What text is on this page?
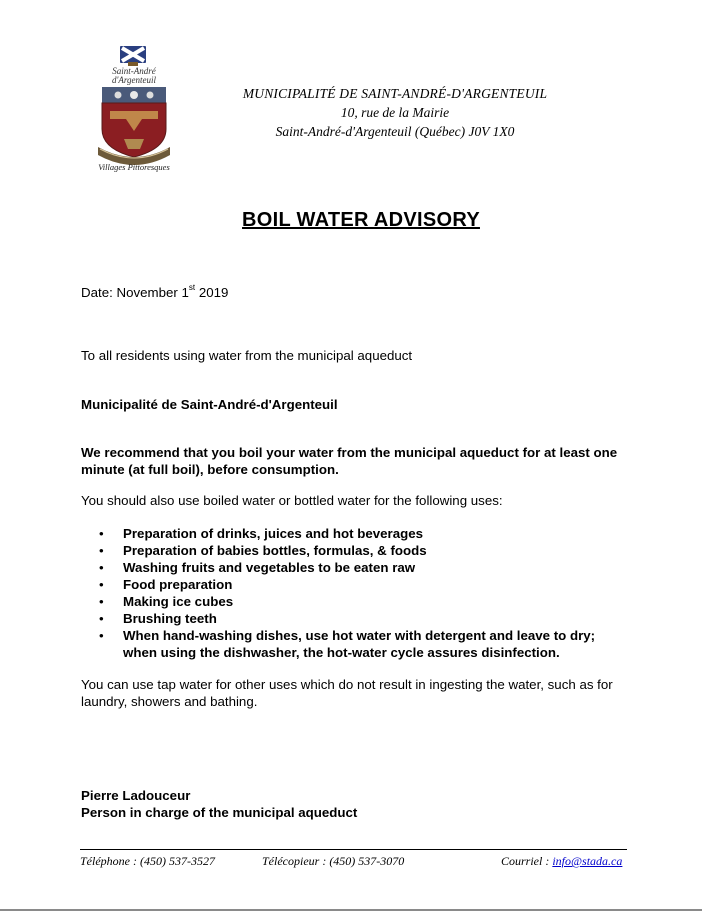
Saint-André
d'Argenteuil
Villages Pittoresques
MUNICIPALITÉ DE SAINT-ANDRÉ-D'ARGENTEUIL
10, rue de la Mairie
Saint-André-d'Argenteuil (Québec) J0V 1X0
BOIL WATER ADVISORY
Date: November 1st 2019
To all residents using water from the municipal aqueduct
Municipalité de Saint-André-d'Argenteuil
We recommend that you boil your water from the municipal aqueduct for at least one minute (at full boil), before consumption.
You should also use boiled water or bottled water for the following uses:
• Preparation of drinks, juices and hot beverages
• Preparation of babies bottles, formulas, & foods
• Washing fruits and vegetables to be eaten raw
• Food preparation
• Making ice cubes
• Brushing teeth
• When hand-washing dishes, use hot water with detergent and leave to dry; when using the dishwasher, the hot-water cycle assures disinfection.
You can use tap water for other uses which do not result in ingesting the water, such as for laundry, showers and bathing.
Pierre Ladouceur
Person in charge of the municipal aqueduct
Téléphone : (450) 537-3527	Télécopieur : (450) 537-3070	Courriel : info@stada.ca
